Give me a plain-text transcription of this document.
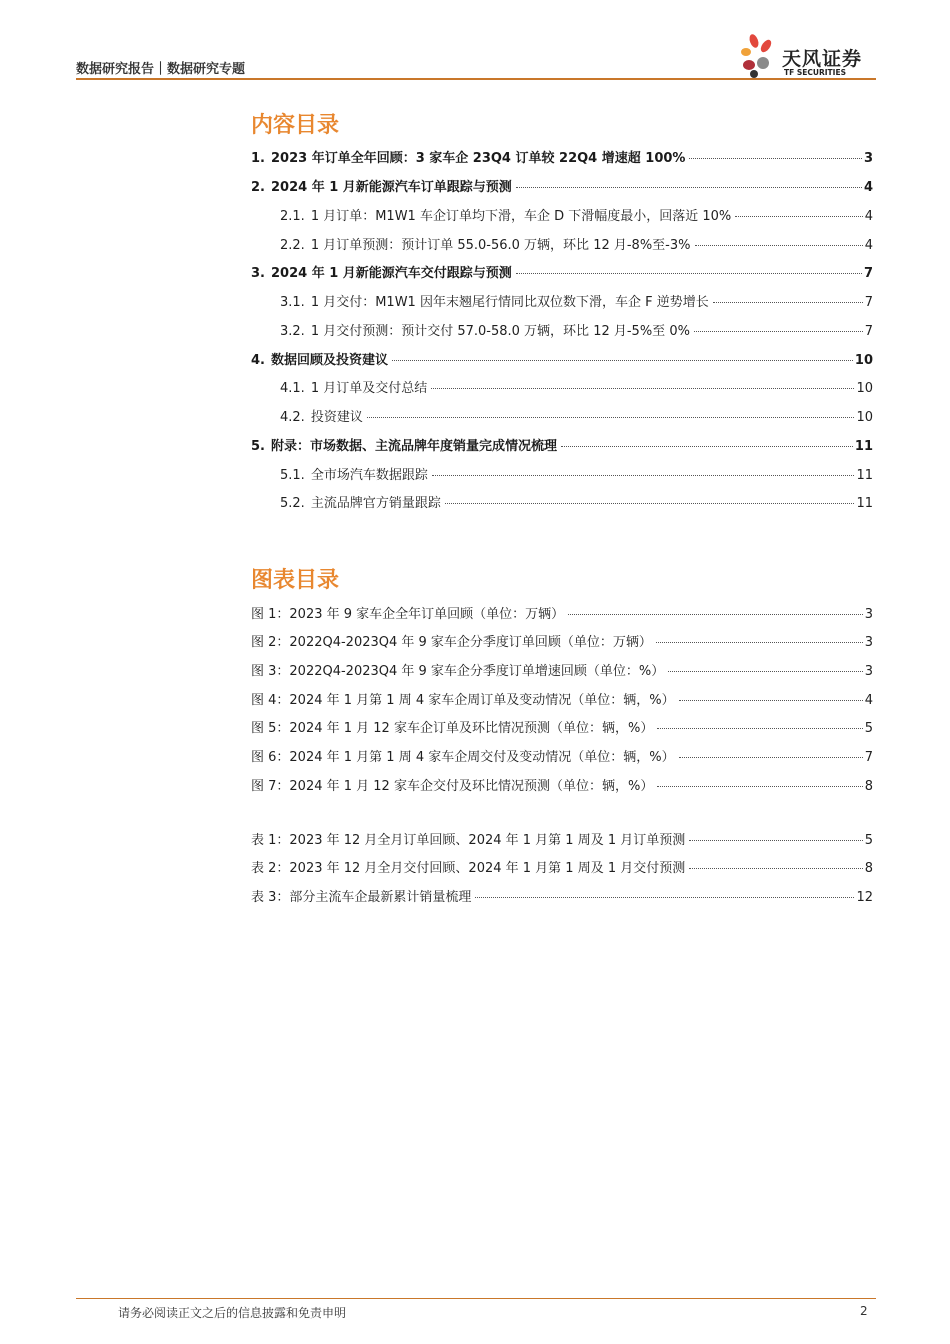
数据研究报告｜数据研究专题	天风证券
TF SECURITIES
内容目录
1. 2023 年订单全年回顾：3 家车企 23Q4 订单较 22Q4 增速超 100%	3
2. 2024 年 1 月新能源汽车订单跟踪与预测	4
2.1. 1 月订单：M1W1 车企订单均下滑，车企 D 下滑幅度最小，回落近 10%	4
2.2. 1 月订单预测：预计订单 55.0-56.0 万辆，环比 12 月-8%至-3%	4
3. 2024 年 1 月新能源汽车交付跟踪与预测	7
3.1. 1 月交付：M1W1 因年末翘尾行情同比双位数下滑，车企 F 逆势增长	7
3.2. 1 月交付预测：预计交付 57.0-58.0 万辆，环比 12 月-5%至 0%	7
4. 数据回顾及投资建议	10
4.1. 1 月订单及交付总结	10
4.2. 投资建议	10
5. 附录：市场数据、主流品牌年度销量完成情况梳理	11
5.1. 全市场汽车数据跟踪	11
5.2. 主流品牌官方销量跟踪	11
图表目录
图 1：2023 年 9 家车企全年订单回顾（单位：万辆）	3
图 2：2022Q4-2023Q4 年 9 家车企分季度订单回顾（单位：万辆）	3
图 3：2022Q4-2023Q4 年 9 家车企分季度订单增速回顾（单位：%）	3
图 4：2024 年 1 月第 1 周 4 家车企周订单及变动情况（单位：辆，%）	4
图 5：2024 年 1 月 12 家车企订单及环比情况预测（单位：辆，%）	5
图 6：2024 年 1 月第 1 周 4 家车企周交付及变动情况（单位：辆，%）	7
图 7：2024 年 1 月 12 家车企交付及环比情况预测（单位：辆，%）	8
表 1：2023 年 12 月全月订单回顾、2024 年 1 月第 1 周及 1 月订单预测	5
表 2：2023 年 12 月全月交付回顾、2024 年 1 月第 1 周及 1 月交付预测	8
表 3：部分主流车企最新累计销量梳理	12
请务必阅读正文之后的信息披露和免责申明	2
